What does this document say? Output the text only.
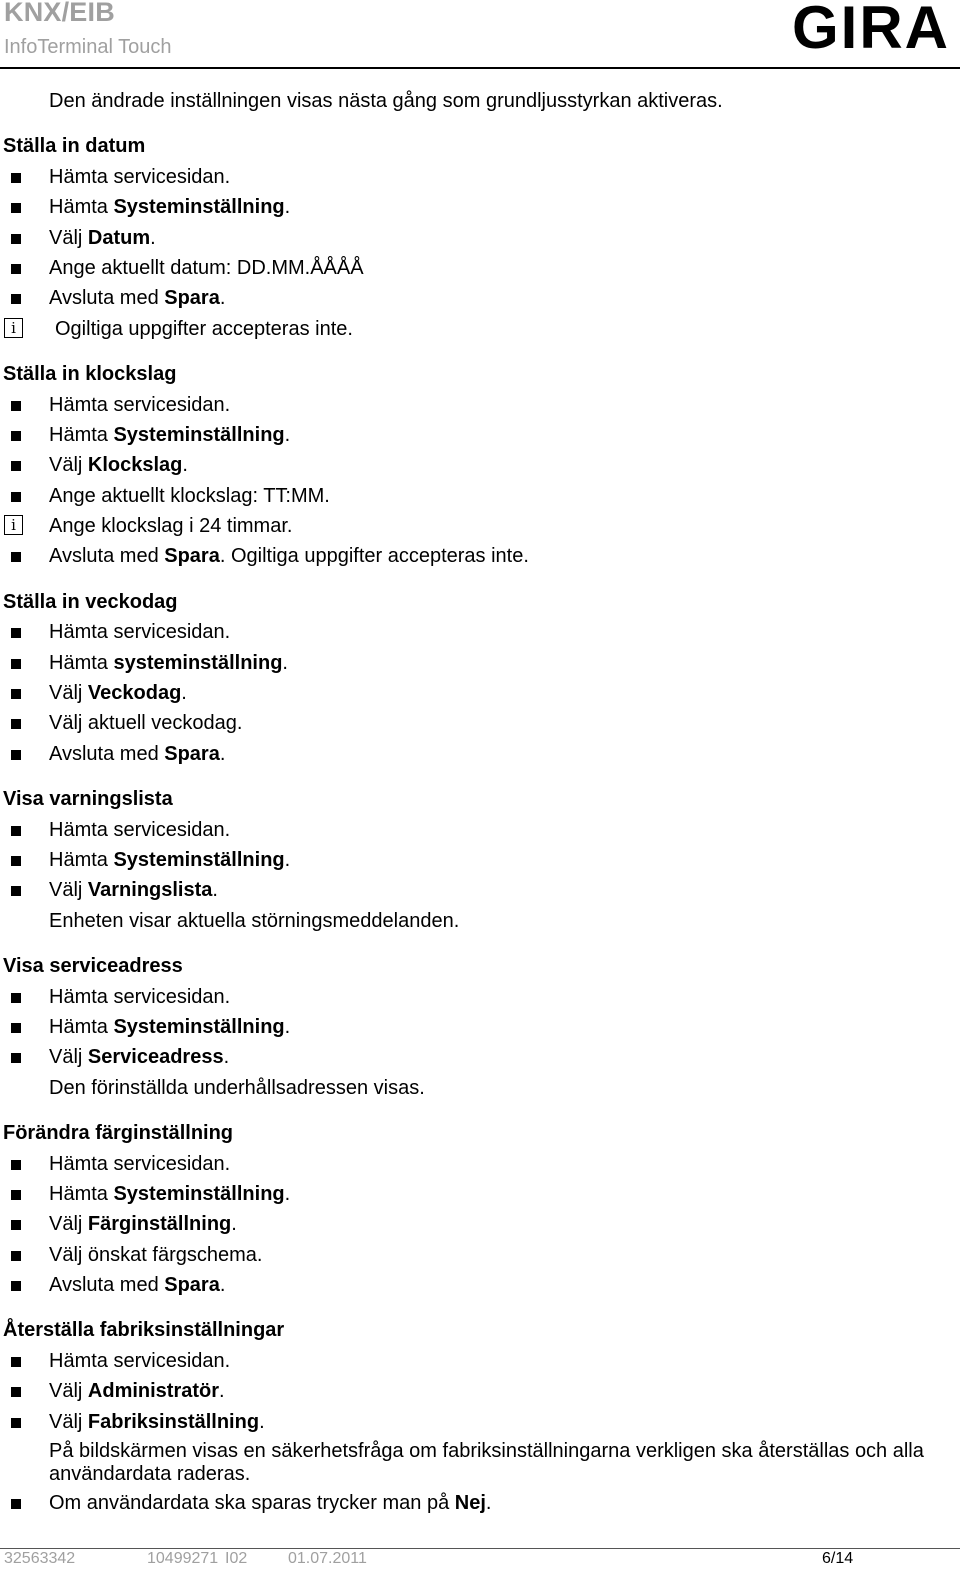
KNX/EIB
InfoTerminal Touch	GIRA
Den ändrade inställningen visas nästa gång som grundljusstyrkan aktiveras.
Ställa in datum
Hämta servicesidan.
Hämta Systeminställning.
Välj Datum.
Ange aktuellt datum: DD.MM.ÅÅÅÅ
Avsluta med Spara.
i	Ogiltiga uppgifter accepteras inte.
Ställa in klockslag
Hämta servicesidan.
Hämta Systeminställning.
Välj Klockslag.
Ange aktuellt klockslag: TT:MM.
i	Ange klockslag i 24 timmar.
Avsluta med Spara. Ogiltiga uppgifter accepteras inte.
Ställa in veckodag
Hämta servicesidan.
Hämta systeminställning.
Välj Veckodag.
Välj aktuell veckodag.
Avsluta med Spara.
Visa varningslista
Hämta servicesidan.
Hämta Systeminställning.
Välj Varningslista.
Enheten visar aktuella störningsmeddelanden.
Visa serviceadress
Hämta servicesidan.
Hämta Systeminställning.
Välj Serviceadress.
Den förinställda underhållsadressen visas.
Förändra färginställning
Hämta servicesidan.
Hämta Systeminställning.
Välj Färginställning.
Välj önskat färgschema.
Avsluta med Spara.
Återställa fabriksinställningar
Hämta servicesidan.
Välj Administratör.
Välj Fabriksinställning.
På bildskärmen visas en säkerhetsfråga om fabriksinställningarna verkligen ska återställas och alla användardata raderas.
Om användardata ska sparas trycker man på Nej.
32563342	10499271 I02	01.07.2011	6/14
